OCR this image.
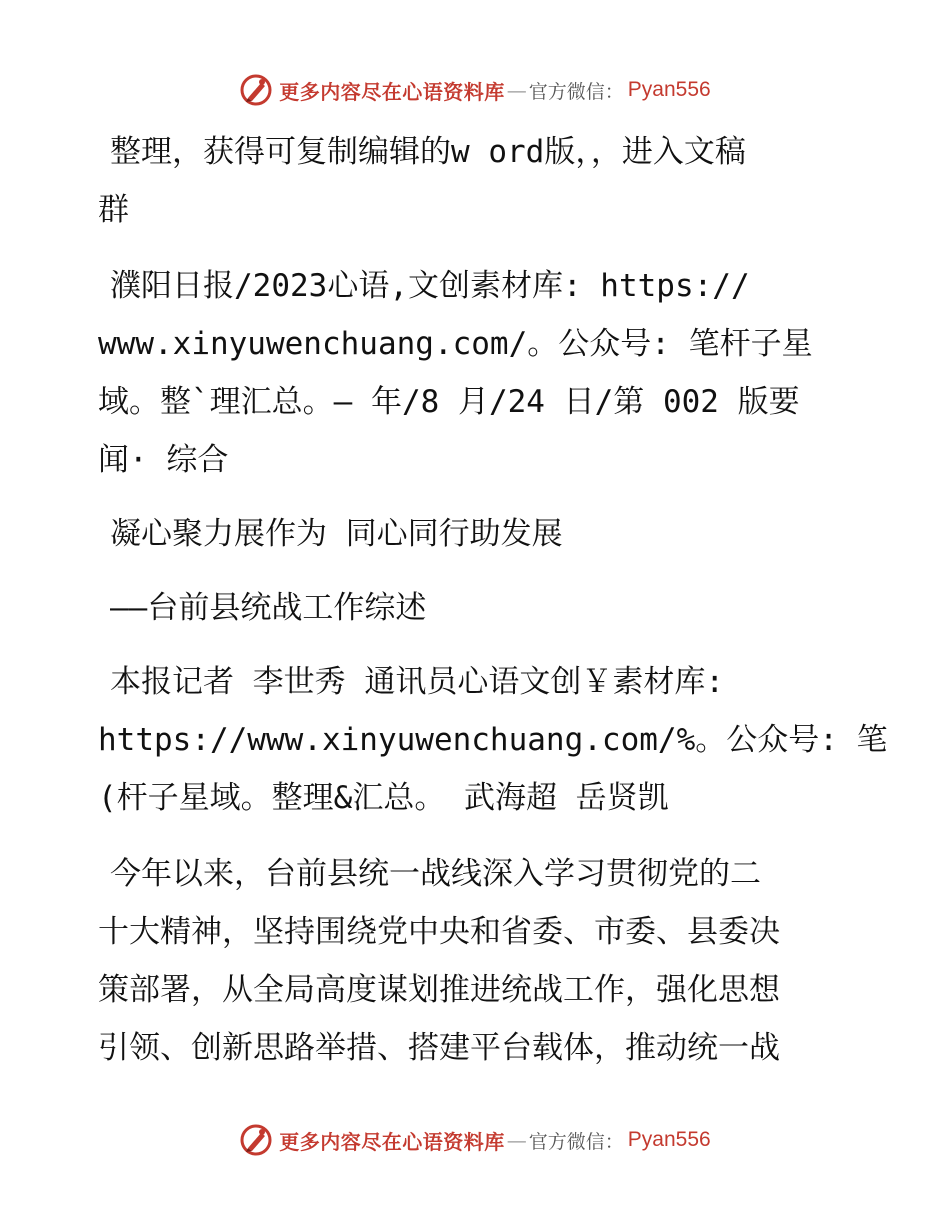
更多内容尽在心语资料库 — 官方微信： Pyan556
整理，获得可复制编辑的w ord版，，进入文稿
群
濮阳日报/2023心语,文创素材库: https://
www.xinyuwenchuang.com/。公众号: 笔杆子星
域。整`理汇总。— 年/8 月/24 日/第 002 版要
闻· 综合
凝心聚力展作为 同心同行助发展
——台前县统战工作综述
本报记者 李世秀 通讯员心语文创￥素材库:
https://www.xinyuwenchuang.com/%。公众号: 笔
(杆子星域。整理&汇总。 武海超 岳贤凯
今年以来，台前县统一战线深入学习贯彻党的二
十大精神，坚持围绕党中央和省委、市委、县委决
策部署，从全局高度谋划推进统战工作，强化思想
引领、创新思路举措、搭建平台载体，推动统一战
更多内容尽在心语资料库 — 官方微信： Pyan556
